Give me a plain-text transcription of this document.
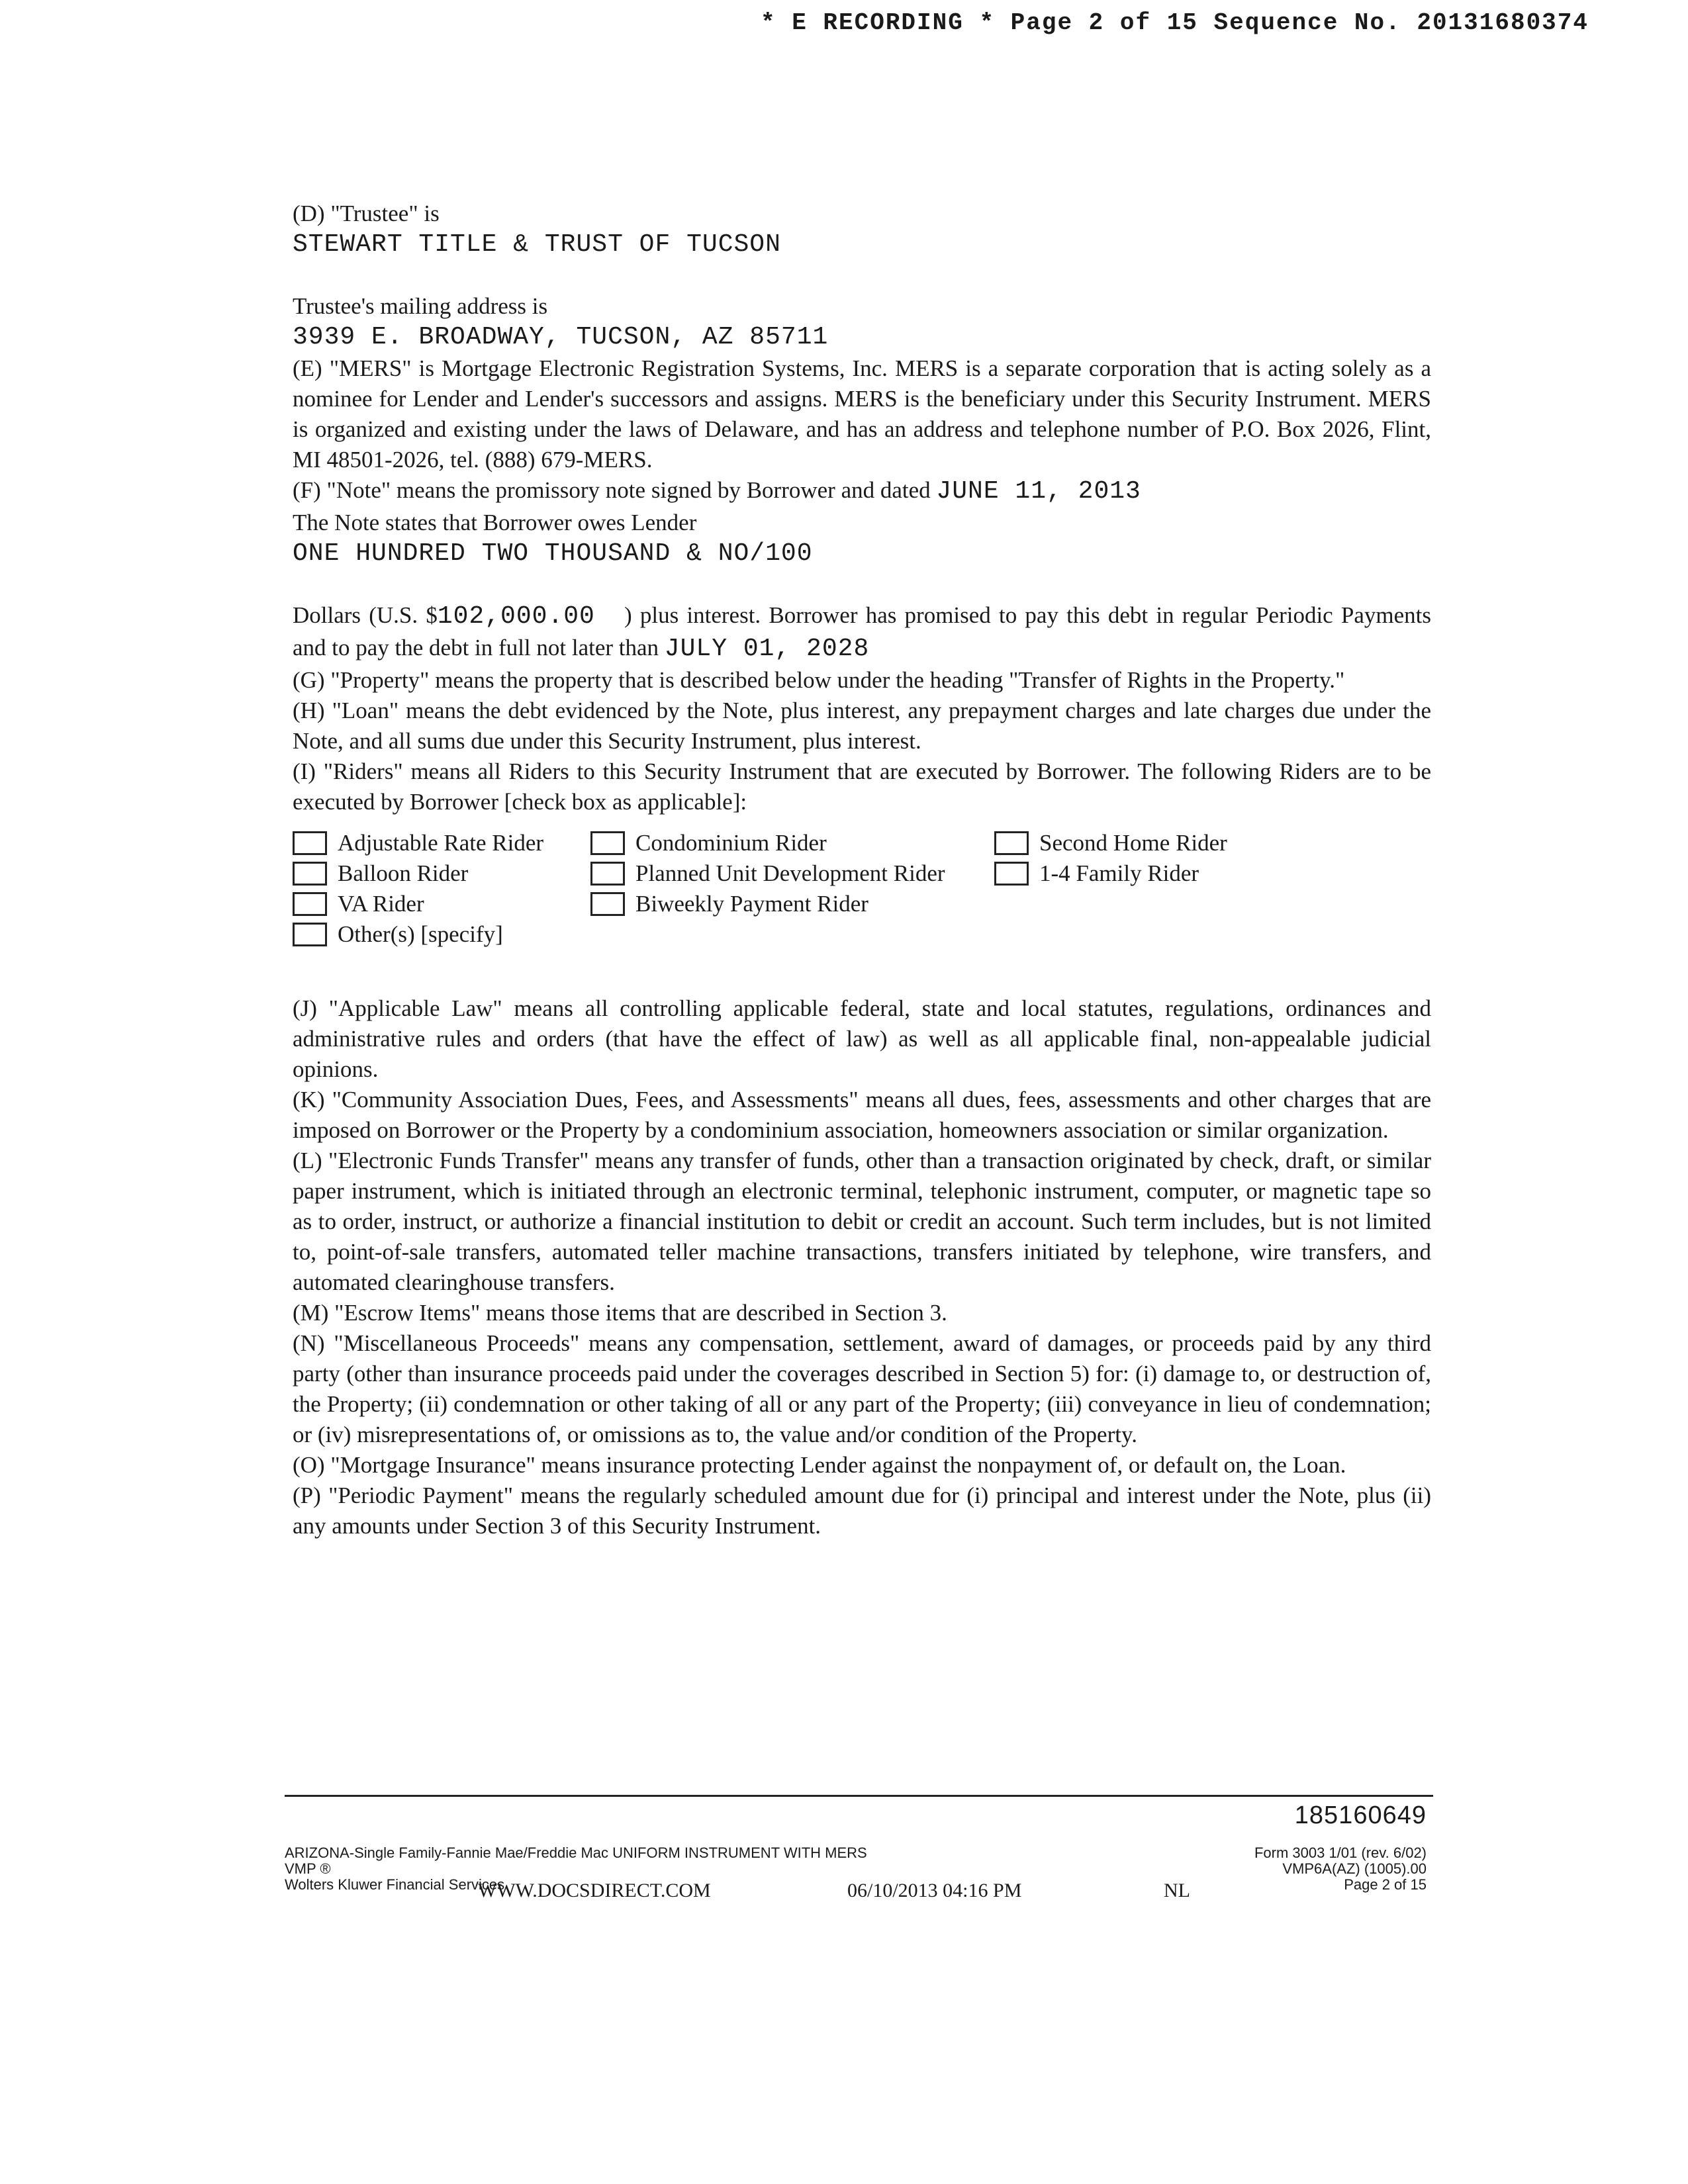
* E RECORDING * Page 2 of 15 Sequence No. 20131680374

(D) "Trustee" is

STEWART TITLE & TRUST OF TUCSON

Trustee's mailing address is

3939 E. BROADWAY, TUCSON, AZ 85711

(E) "MERS" is Mortgage Electronic Registration Systems, Inc. MERS is a separate corporation that is acting solely as a nominee for Lender and Lender's successors and assigns. MERS is the beneficiary under this Security Instrument. MERS is organized and existing under the laws of Delaware, and has an address and telephone number of P.O. Box 2026, Flint, MI 48501-2026, tel. (888) 679-MERS.

(F) "Note" means the promissory note signed by Borrower and dated JUNE 11, 2013

The Note states that Borrower owes Lender

ONE HUNDRED TWO THOUSAND & NO/100

Dollars (U.S. $102,000.00 ) plus interest. Borrower has promised to pay this debt in regular Periodic Payments and to pay the debt in full not later than JULY 01, 2028

(G) "Property" means the property that is described below under the heading "Transfer of Rights in the Property."

(H) "Loan" means the debt evidenced by the Note, plus interest, any prepayment charges and late charges due under the Note, and all sums due under this Security Instrument, plus interest.

(I) "Riders" means all Riders to this Security Instrument that are executed by Borrower. The following Riders are to be executed by Borrower [check box as applicable]:

Adjustable Rate Rider	Condominium Rider	Second Home Rider
Balloon Rider	Planned Unit Development Rider	1-4 Family Rider
VA Rider	Biweekly Payment Rider
Other(s) [specify]

(J) "Applicable Law" means all controlling applicable federal, state and local statutes, regulations, ordinances and administrative rules and orders (that have the effect of law) as well as all applicable final, non-appealable judicial opinions.

(K) "Community Association Dues, Fees, and Assessments" means all dues, fees, assessments and other charges that are imposed on Borrower or the Property by a condominium association, homeowners association or similar organization.

(L) "Electronic Funds Transfer" means any transfer of funds, other than a transaction originated by check, draft, or similar paper instrument, which is initiated through an electronic terminal, telephonic instrument, computer, or magnetic tape so as to order, instruct, or authorize a financial institution to debit or credit an account. Such term includes, but is not limited to, point-of-sale transfers, automated teller machine transactions, transfers initiated by telephone, wire transfers, and automated clearinghouse transfers.

(M) "Escrow Items" means those items that are described in Section 3.

(N) "Miscellaneous Proceeds" means any compensation, settlement, award of damages, or proceeds paid by any third party (other than insurance proceeds paid under the coverages described in Section 5) for: (i) damage to, or destruction of, the Property; (ii) condemnation or other taking of all or any part of the Property; (iii) conveyance in lieu of condemnation; or (iv) misrepresentations of, or omissions as to, the value and/or condition of the Property.

(O) "Mortgage Insurance" means insurance protecting Lender against the nonpayment of, or default on, the Loan.

(P) "Periodic Payment" means the regularly scheduled amount due for (i) principal and interest under the Note, plus (ii) any amounts under Section 3 of this Security Instrument.

185160649
ARIZONA-Single Family-Fannie Mae/Freddie Mac UNIFORM INSTRUMENT WITH MERS
VMP ®
Wolters Kluwer Financial Services
Form 3003 1/01 (rev. 6/02)
VMP6A(AZ) (1005).00
Page 2 of 15
WWW.DOCSDIRECT.COM	06/10/2013 04:16 PM	NL
